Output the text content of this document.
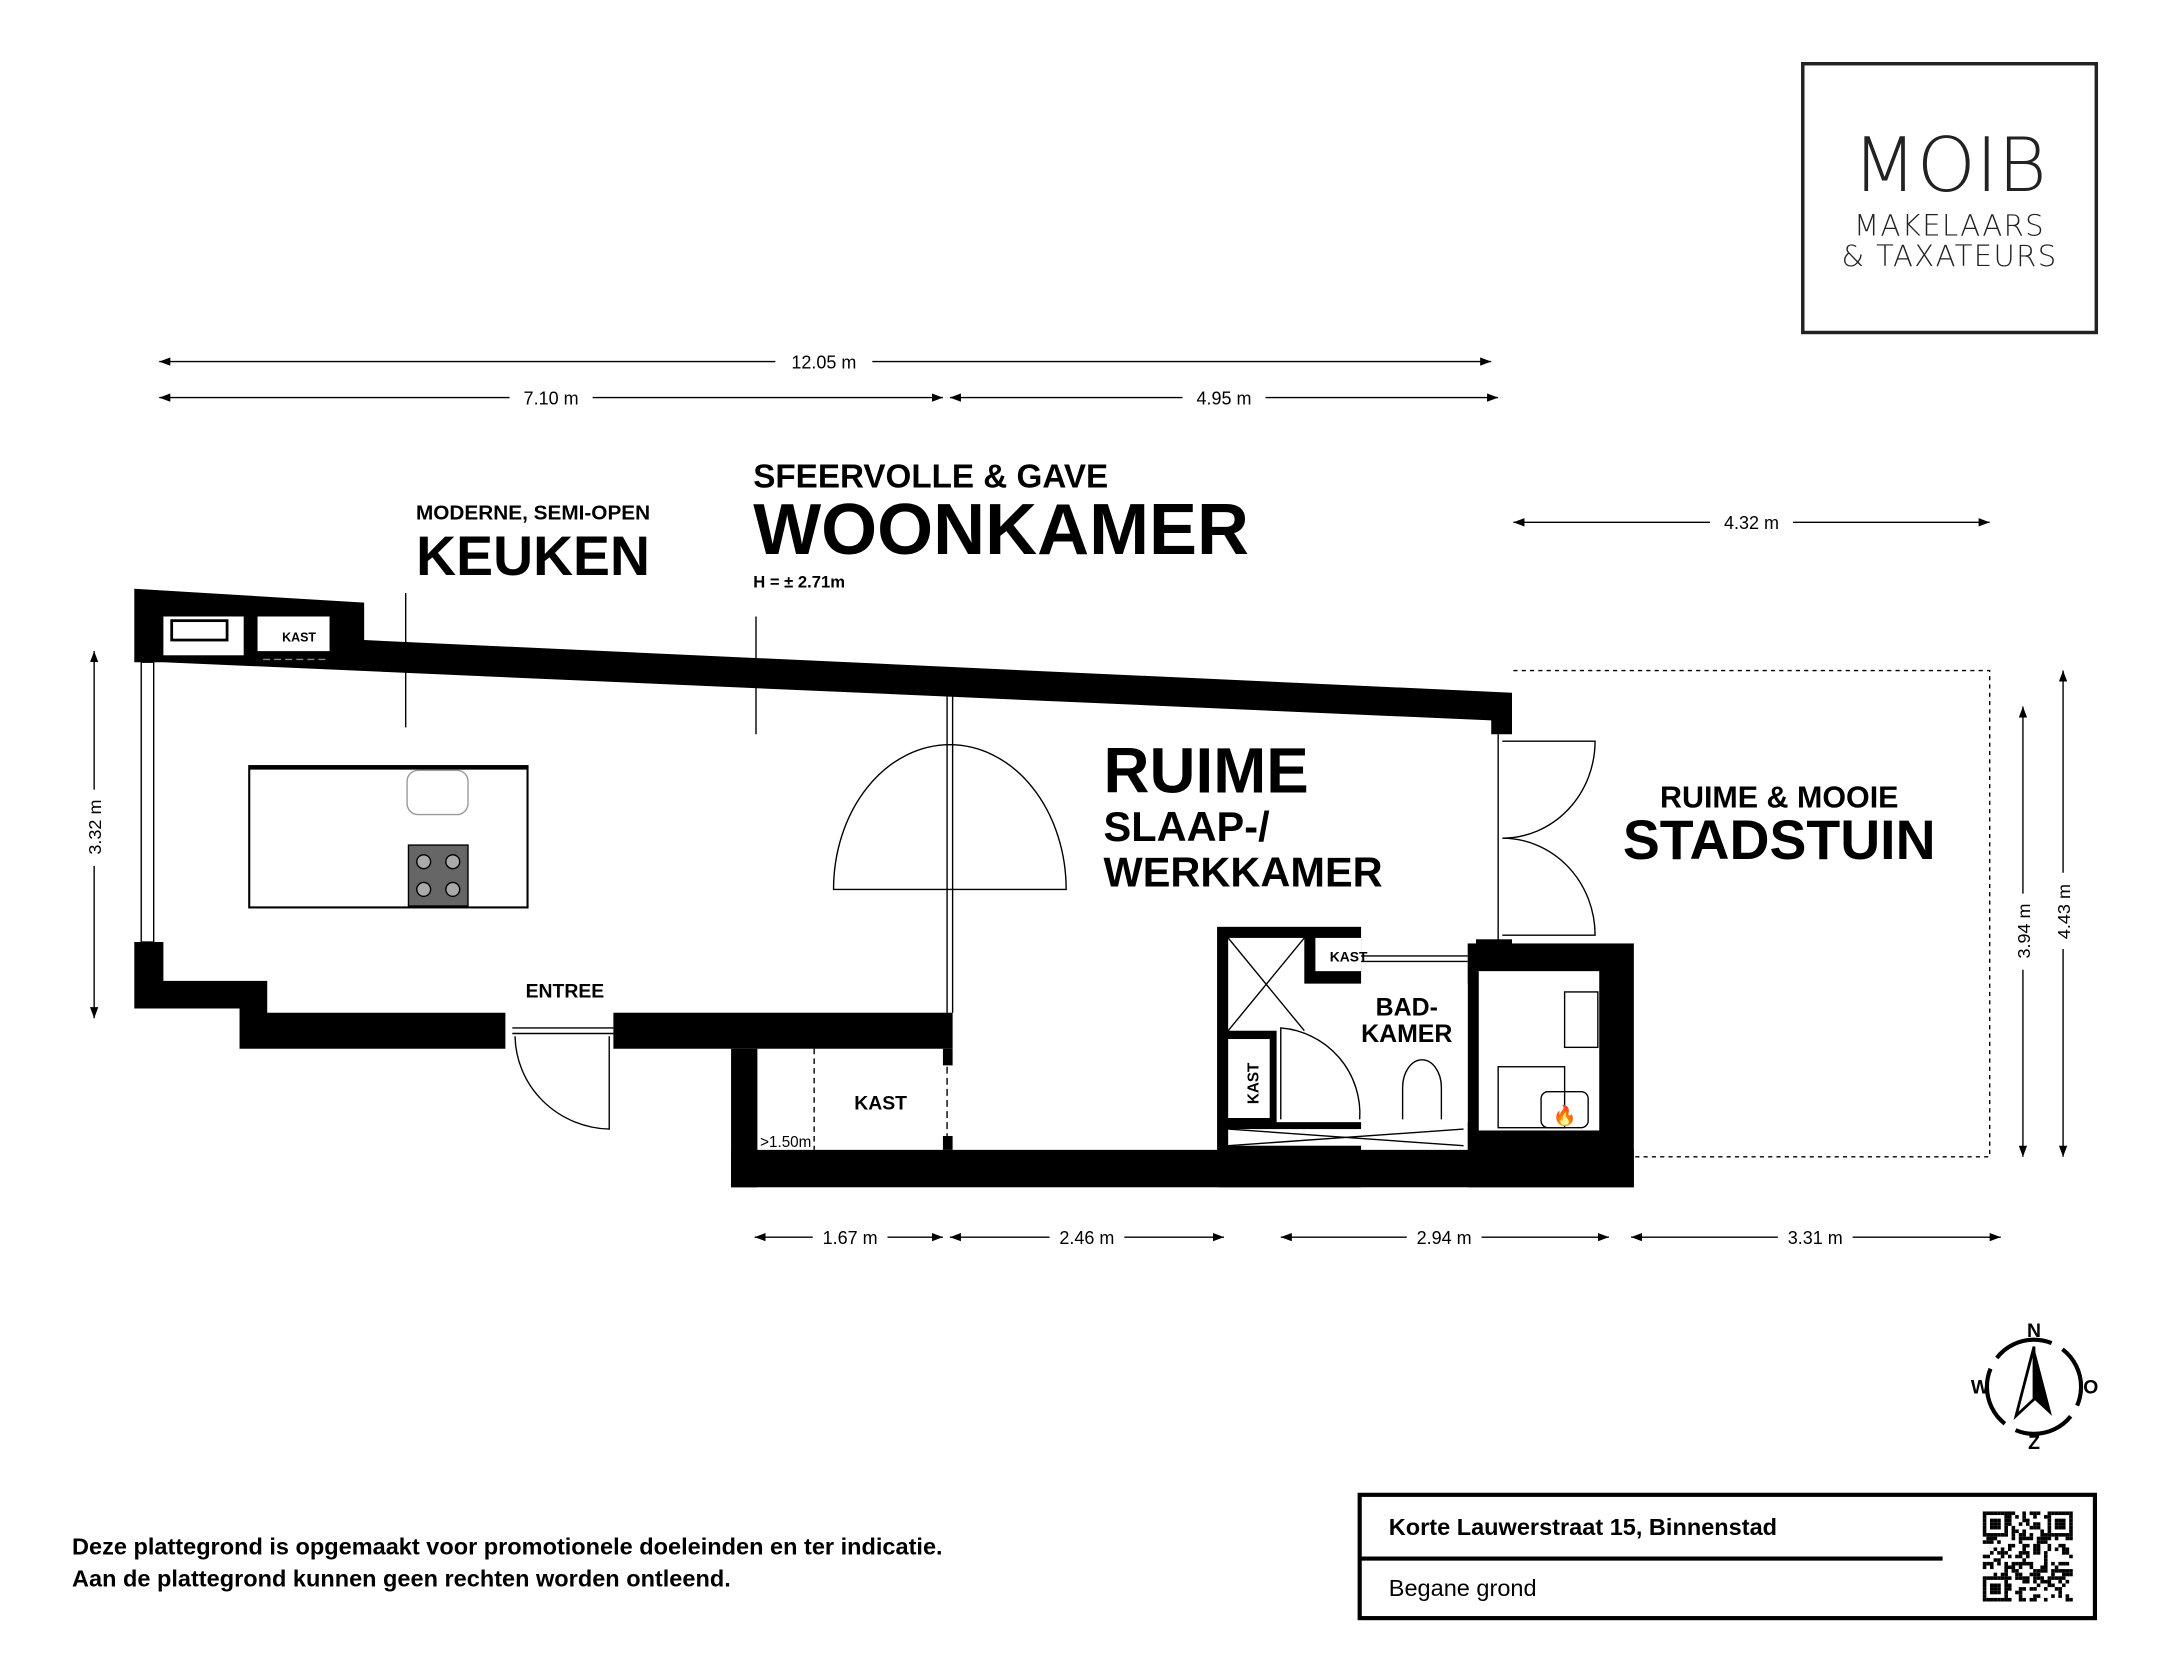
MOIB
MAKELAARS
& TAXATEURS
12.05 m
7.10 m	4.95 m
4.32 m
3.32 m
3.94 m 4.43 m
1.67 m	2.46 m	2.94 m	3.31 m
🔥
MODERNE, SEMI-OPEN
KEUKEN
SFEERVOLLE & GAVE
WOONKAMER
H = ± 2.71m
RUIME
SLAAP-/
WERKKAMER
RUIME & MOOIE
STADSTUIN
ENTREE
KAST
>1.50m
KAST
KAST
KAST
BAD-
KAMER
N
Z
W	O
Deze plattegrond is opgemaakt voor promotionele doeleinden en ter indicatie.
Aan de plattegrond kunnen geen rechten worden ontleend.
Korte Lauwerstraat 15, Binnenstad
Begane grond
